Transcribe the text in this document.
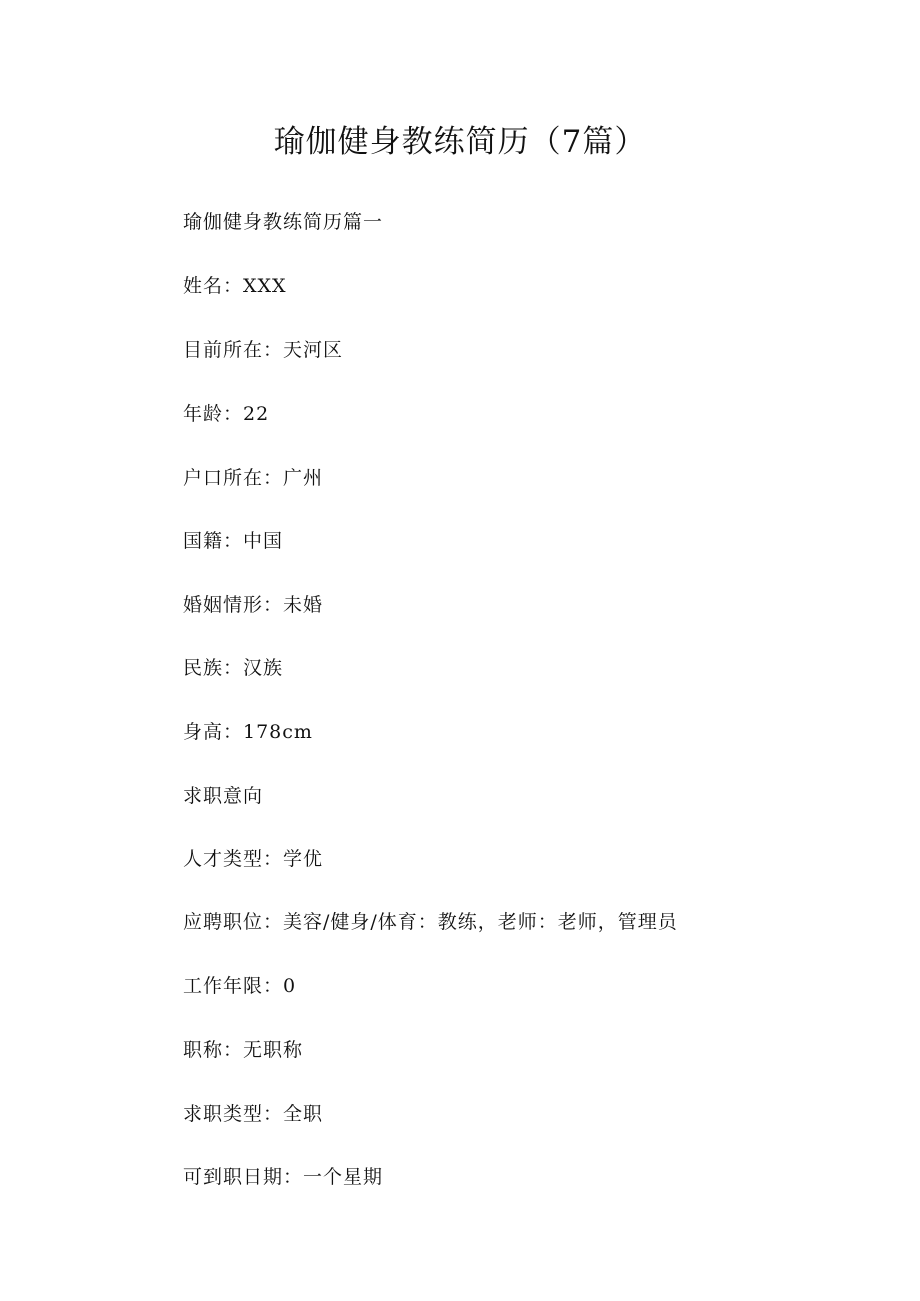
瑜伽健身教练简历（7篇）

瑜伽健身教练简历篇一

姓名：XXX

目前所在：天河区

年龄：22

户口所在：广州

国籍：中国

婚姻情形：未婚

民族：汉族

身高：178cm

求职意向

人才类型：学优

应聘职位：美容/健身/体育：教练，老师：老师，管理员

工作年限：0

职称：无职称

求职类型：全职

可到职日期：一个星期
